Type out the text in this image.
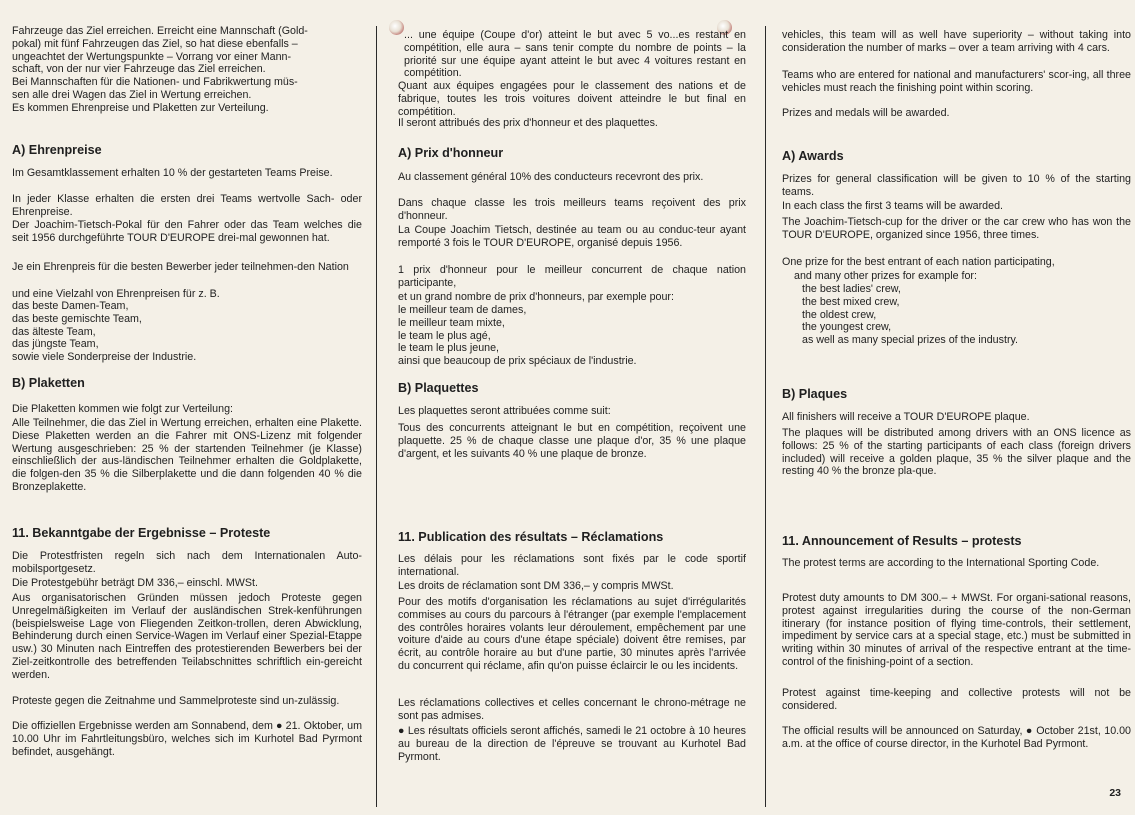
Fahrzeuge das Ziel erreichen. Erreicht eine Mannschaft (Gold-
pokal) mit fünf Fahrzeugen das Ziel, so hat diese ebenfalls –
ungeachtet der Wertungspunkte – Vorrang vor einer Mann-
schaft, von der nur vier Fahrzeuge das Ziel erreichen.
Bei Mannschaften für die Nationen- und Fabrikwertung müs-
sen alle drei Wagen das Ziel in Wertung erreichen.
Es kommen Ehrenpreise und Plaketten zur Verteilung.
A) Ehrenpreise
Im Gesamtklassement erhalten 10 % der gestarteten Teams Preise.
In jeder Klasse erhalten die ersten drei Teams wertvolle Sach- oder Ehrenpreise.
Der Joachim-Tietsch-Pokal für den Fahrer oder das Team welches die seit 1956 durchgeführte TOUR D'EUROPE drei-mal gewonnen hat.
Je ein Ehrenpreis für die besten Bewerber jeder teilnehmen-den Nation
und eine Vielzahl von Ehrenpreisen für z. B.
das beste Damen-Team,
das beste gemischte Team,
das älteste Team,
das jüngste Team,
sowie viele Sonderpreise der Industrie.
B) Plaketten
Die Plaketten kommen wie folgt zur Verteilung:
Alle Teilnehmer, die das Ziel in Wertung erreichen, erhalten eine Plakette. Diese Plaketten werden an die Fahrer mit ONS-Lizenz mit folgender Wertung ausgeschrieben: 25 % der startenden Teilnehmer (je Klasse) einschließlich der aus-ländischen Teilnehmer erhalten die Goldplakette, die folgen-den 35 % die Silberplakette und die dann folgenden 40 % die Bronzeplakette.
11. Bekanntgabe der Ergebnisse – Proteste
Die Protestfristen regeln sich nach dem Internationalen Auto-mobilsportgesetz.
Die Protestgebühr beträgt DM 336,– einschl. MWSt.
Aus organisatorischen Gründen müssen jedoch Proteste gegen Unregelmäßigkeiten im Verlauf der ausländischen Strek-kenführungen (beispielsweise Lage von Fliegenden Zeitkon-trollen, deren Abwicklung, Behinderung durch einen Service-Wagen im Verlauf einer Spezial-Etappe usw.) 30 Minuten nach Eintreffen des protestierenden Bewerbers bei der Ziel-zeitkontrolle des betreffenden Teilabschnittes schriftlich ein-gereicht werden.
Proteste gegen die Zeitnahme und Sammelproteste sind un-zulässig.
Die offiziellen Ergebnisse werden am Sonnabend, dem ● 21. Oktober, um 10.00 Uhr im Fahrtleitungsbüro, welches sich im Kurhotel Bad Pyrmont befindet, ausgehängt.
... une équipe (Coupe d'or) atteint le but avec 5 vo...es restant en compétition, elle aura – sans tenir compte du nombre de points – la priorité sur une équipe ayant atteint le but avec 4 voitures restant en compétition.
Quant aux équipes engagées pour le classement des nations et de fabrique, toutes les trois voitures doivent atteindre le but final en compétition.
Il seront attribués des prix d'honneur et des plaquettes.
A) Prix d'honneur
Au classement général 10% des conducteurs recevront des prix.
Dans chaque classe les trois meilleurs teams reçoivent des prix d'honneur.
La Coupe Joachim Tietsch, destinée au team ou au conduc-teur ayant remporté 3 fois le TOUR D'EUROPE, organisé depuis 1956.
1 prix d'honneur pour le meilleur concurrent de chaque nation participante,
et un grand nombre de prix d'honneurs, par exemple pour:
le meilleur team de dames,
le meilleur team mixte,
le team le plus agé,
le team le plus jeune,
ainsi que beaucoup de prix spéciaux de l'industrie.
B) Plaquettes
Les plaquettes seront attribuées comme suit:
Tous des concurrents atteignant le but en compétition, reçoivent une plaquette. 25 % de chaque classe une plaque d'or, 35 % une plaque d'argent, et les suivants 40 % une plaque de bronze.
11. Publication des résultats – Réclamations
Les délais pour les réclamations sont fixés par le code sportif international.
Les droits de réclamation sont DM 336,– y compris MWSt.
Pour des motifs d'organisation les réclamations au sujet d'irrégularités commises au cours du parcours à l'étranger (par exemple l'emplacement des contrôles horaires volants leur déroulement, empêchement par une voiture d'aide au cours d'une étape spéciale) doivent être remises, par écrit, au contrôle horaire au but d'une partie, 30 minutes après l'arrivée du concurrent qui réclame, afin qu'on puisse éclaircir le ou les incidents.
Les réclamations collectives et celles concernant le chrono-métrage ne sont pas admises.
● Les résultats officiels seront affichés, samedi le 21 octobre à 10 heures au bureau de la direction de l'épreuve se trouvant au Kurhotel Bad Pyrmont.
vehicles, this team will as well have superiority – without taking into consideration the number of marks – over a team arriving with 4 cars.
Teams who are entered for national and manufacturers' scor-ing, all three vehicles must reach the finishing point within scoring.
Prizes and medals will be awarded.
A) Awards
Prizes for general classification will be given to 10 % of the starting teams.
In each class the first 3 teams will be awarded.
The Joachim-Tietsch-cup for the driver or the car crew who has won the TOUR D'EUROPE, organized since 1956, three times.
One prize for the best entrant of each nation participating,
and many other prizes for example for:
the best ladies' crew,
the best mixed crew,
the oldest crew,
the youngest crew,
as well as many special prizes of the industry.
B) Plaques
All finishers will receive a TOUR D'EUROPE plaque.
The plaques will be distributed among drivers with an ONS licence as follows: 25 % of the starting participants of each class (foreign drivers included) will receive a golden plaque, 35 % the silver plaque and the resting 40 % the bronze pla-que.
11. Announcement of Results – protests
The protest terms are according to the International Sporting Code.
Protest duty amounts to DM 300.– + MWSt. For organi-sational reasons, protest against irregularities during the course of the non-German itinerary (for instance position of flying time-controls, their settlement, impediment by service cars at a special stage, etc.) must be submitted in writing within 30 minutes of arrival of the respective entrant at the time-control of the finishing-point of a section.
Protest against time-keeping and collective protests will not be considered.
The official results will be announced on Saturday, ● October 21st, 10.00 a.m. at the office of course director, in the Kurhotel Bad Pyrmont.
23
